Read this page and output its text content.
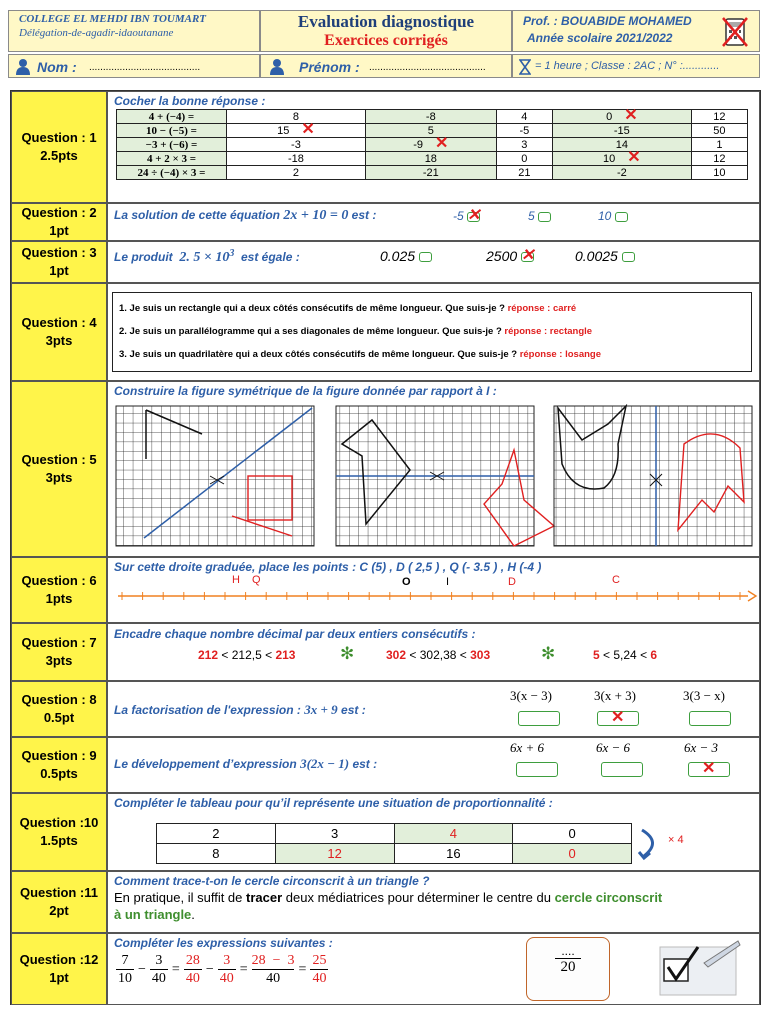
COLLEGE EL MEHDI IBN TOUMART
Délégation-de-agadir-idaoutanane
Evaluation diagnostique
Exercices corrigés
Prof. : BOUABIDE MOHAMED
Année scolaire 2021/2022
Nom : ........................................	Prénom : ..........................................	= 1 heure ; Classe : 2AC ; N° :............
Question : 1
2.5pts
Cocher la bonne réponse :
4 + (−4) =	8	-8	4	0 ✕	12
10 − (−5) =	15 ✕	5	-5	-15	50
−3 + (−6) =	-3	-9 ✕	3	14	1
4 + 2 × 3 =	-18	18	0	10 ✕	12
24 ÷ (−4) × 3 =	2	-21	21	-2	10
Question : 2
1pt
La solution de cette équation 2x + 10 = 0 est :	-5 ✕	5	10
Question : 3
1pt
Le produit 2. $5 \times 10^3$ est égale :	0.025	2500 ✕	0.0025
Question : 4
3pts
1. Je suis un rectangle qui a deux côtés consécutifs de même longueur. Que suis-je ? réponse : carré
2. Je suis un parallélogramme qui a ses diagonales de même longueur. Que suis-je ? réponse : rectangle
3. Je suis un quadrilatère qui a deux côtés consécutifs de même longueur. Que suis-je ? réponse : losange
Question : 5
3pts
Construire la figure symétrique de la figure donnée par rapport à I :
Question : 6
1pts
Sur cette droite graduée, place les points : C (5) , D ( 2,5 ) , Q (- 3.5 ) , H (-4 )
H Q	O	I	D	C
Question : 7
3pts
Encadre chaque nombre décimal par deux entiers consécutifs :
212 < 212,5 < 213	✻	302 < 302,38 < 303	✻	5 < 5,24 < 6
Question : 8
0.5pt	La factorisation de l'expression : 3x + 9 est :
3(x − 3)	3(x + 3)	3(3 − x)
✕
Question : 9
0.5pts
Le développement d’expression 3(2x − 1) est :
6x + 6	6x − 6	6x − 3
✕
Question :10
1.5pts
Compléter le tableau pour qu’il représente une situation de proportionnalité :
2	3	4	0
8	12	16	0
× 4
Question :11
2pt
Comment trace-t-on le cercle circonscrit à un triangle ?
En pratique, il suffit de tracer deux médiatrices pour déterminer le centre du cercle circonscrit
à un triangle.
Question :12
1pt
Compléter les expressions suivantes :
$\frac{7}{10} - \frac{3}{40} = \frac{28}{40} - \frac{3}{40} = \frac{28 - 3}{40} = \frac{25}{40}$
....
20
